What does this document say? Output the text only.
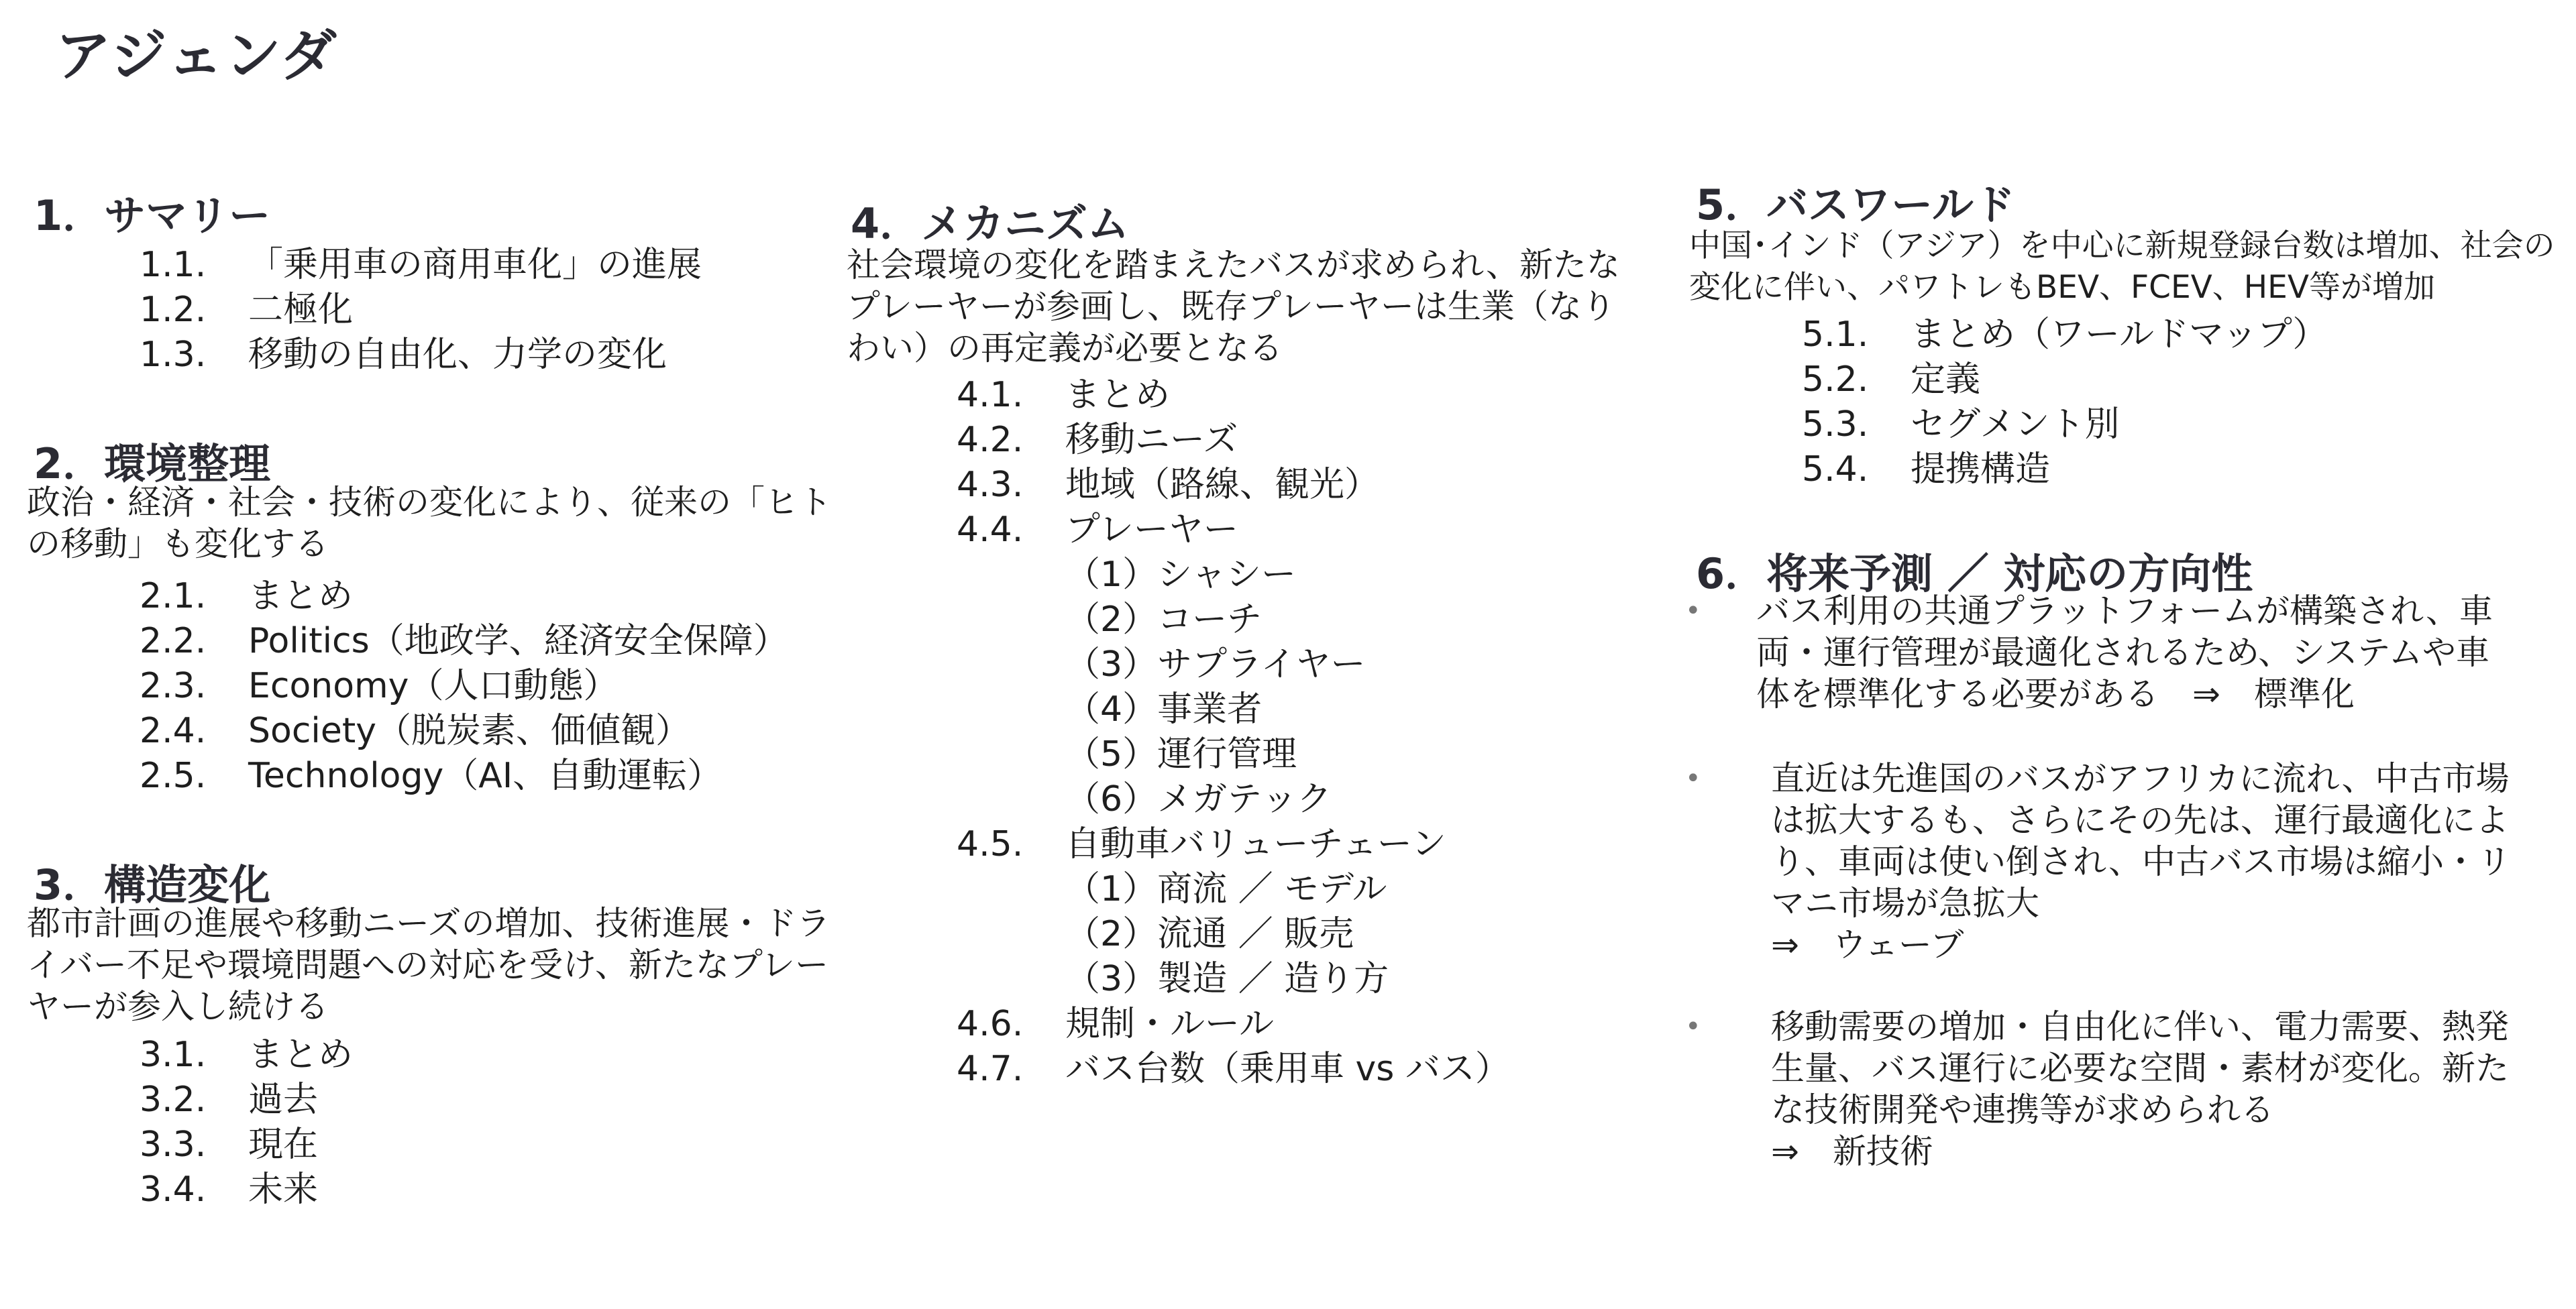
アジェンダ
1．サマリー
1.1. 「乗用車の商用車化」の進展
1.2. 二極化
1.3. 移動の自由化、力学の変化
2．環境整理
政治・経済・社会・技術の変化により、従来の「ヒト
の移動」も変化する
2.1. まとめ
2.2. Politics（地政学、経済安全保障）
2.3. Economy（人口動態）
2.4. Society（脱炭素、価値観）
2.5. Technology（AI、自動運転）
3．構造変化
都市計画の進展や移動ニーズの増加、技術進展・ドラ
イバー不足や環境問題への対応を受け、新たなプレー
ヤーが参入し続ける
3.1. まとめ
3.2. 過去
3.3. 現在
3.4. 未来
4．メカニズム
社会環境の変化を踏まえたバスが求められ、新たな
プレーヤーが参画し、既存プレーヤーは生業（なり
わい）の再定義が必要となる
4.1. まとめ
4.2. 移動ニーズ
4.3. 地域（路線、観光）
4.4. プレーヤー
（1）シャシー
（2）コーチ
（3）サプライヤー
（4）事業者
（5）運行管理
（6）メガテック
4.5. 自動車バリューチェーン
（1）商流 ／ モデル
（2）流通 ／ 販売
（3）製造 ／ 造り方
4.6. 規制・ルール
4.7. バス台数（乗用車 vs バス）
5．バスワールド
中国･インド（アジア）を中心に新規登録台数は増加、社会の
変化に伴い、パワトレもBEV、FCEV、HEV等が増加
5.1. まとめ（ワールドマップ）
5.2. 定義
5.3. セグメント別
5.4. 提携構造
6．将来予測 ／ 対応の方向性
• バス利用の共通プラットフォームが構築され、車
両・運行管理が最適化されるため、システムや車
体を標準化する必要がある　⇒　標準化
• 直近は先進国のバスがアフリカに流れ、中古市場
は拡大するも、さらにその先は、運行最適化によ
り、車両は使い倒され、中古バス市場は縮小・リ
マニ市場が急拡大
⇒　ウェーブ
• 移動需要の増加・自由化に伴い、電力需要、熱発
生量、バス運行に必要な空間・素材が変化。新た
な技術開発や連携等が求められる
⇒　新技術
